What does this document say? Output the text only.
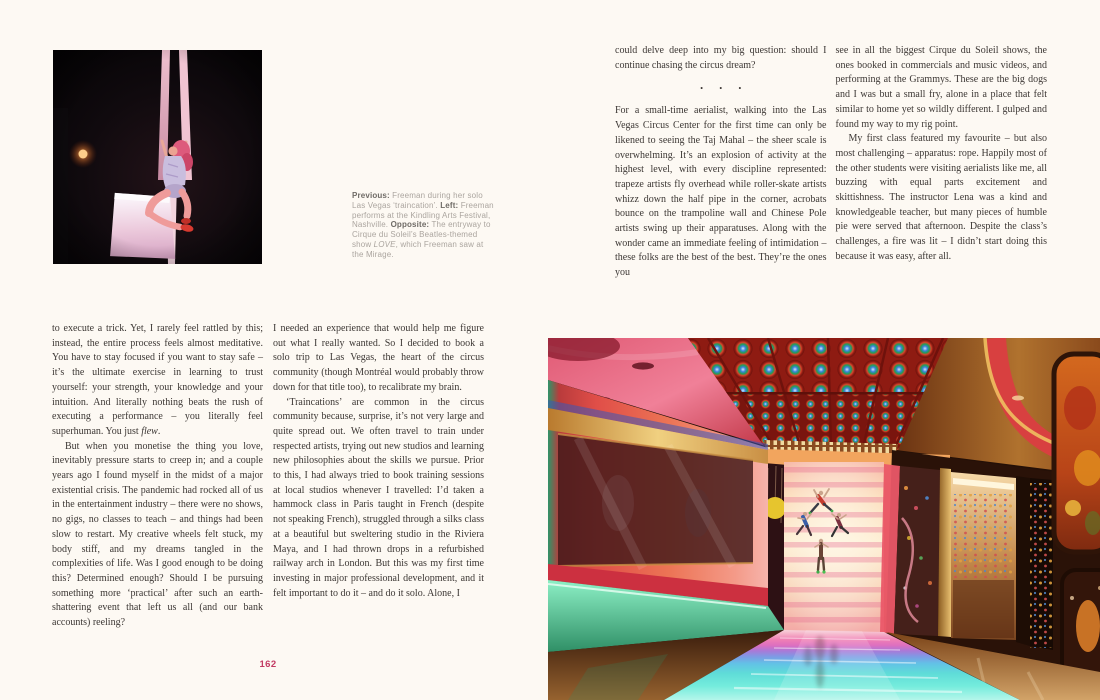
Previous: Freeman during her solo Las Vegas ‘traincation’. Left: Freeman performs at the Kindling Arts Festival, Nashville. Opposite: The entryway to Cirque du Soleil’s Beatles-themed show LOVE, which Freeman saw at the Mirage.

to execute a trick. Yet, I rarely feel rattled by this; instead, the entire process feels almost meditative. You have to stay focused if you want to stay safe – it’s the ultimate exercise in learning to trust yourself: your strength, your knowledge and your intuition. And literally nothing beats the rush of executing a performance – you literally feel superhuman. You just flew.

But when you monetise the thing you love, inevitably pressure starts to creep in; and a couple years ago I found myself in the midst of a major existential crisis. The pandemic had rocked all of us in the entertainment industry – there were no shows, no gigs, no classes to teach – and things had been slow to restart. My creative wheels felt stuck, my body stiff, and my dreams tangled in the complexities of life. Was I good enough to be doing this? Determined enough? Should I be pursuing something more ‘practical’ after such an earth-shattering event that left us all (and our bank accounts) reeling?

I needed an experience that would help me figure out what I really wanted. So I decided to book a solo trip to Las Vegas, the heart of the circus community (though Montréal would probably throw down for that title too), to recalibrate my brain.

‘Traincations’ are common in the circus community because, surprise, it’s not very large and quite spread out. We often travel to train under respected artists, trying out new studios and learning new philosophies about the skills we pursue. Prior to this, I had always tried to book training sessions at local studios whenever I travelled: I’d taken a hammock class in Paris taught in French (despite not speaking French), struggled through a silks class at a beautiful but sweltering studio in the Riviera Maya, and I had thrown drops in a refurbished railway arch in London. But this was my first time investing in major professional development, and it felt important to do it – and do it solo. Alone, I

162

could delve deep into my big question: should I continue chasing the circus dream?

• • •

For a small-time aerialist, walking into the Las Vegas Circus Center for the first time can only be likened to seeing the Taj Mahal – the sheer scale is overwhelming. It’s an explosion of activity at the highest level, with every discipline represented: trapeze artists fly overhead while roller-skate artists whizz down the half pipe in the corner, acrobats bounce on the trampoline wall and Chinese Pole artists swing up their apparatuses. Along with the wonder came an immediate feeling of intimidation – these folks are the best of the best. They’re the ones you

see in all the biggest Cirque du Soleil shows, the ones booked in commercials and music videos, and performing at the Grammys. These are the big dogs and I was but a small fry, alone in a place that felt similar to home yet so wildly different. I gulped and found my way to my rig point.

My first class featured my favourite – but also most challenging – apparatus: rope. Happily most of the other students were visiting aerialists like me, all buzzing with equal parts excitement and skittishness. The instructor Lena was a kind and knowledgeable teacher, but many pieces of humble pie were served that afternoon. Despite the class’s challenges, a fire was lit – I didn’t start doing this because it was easy, after all.
